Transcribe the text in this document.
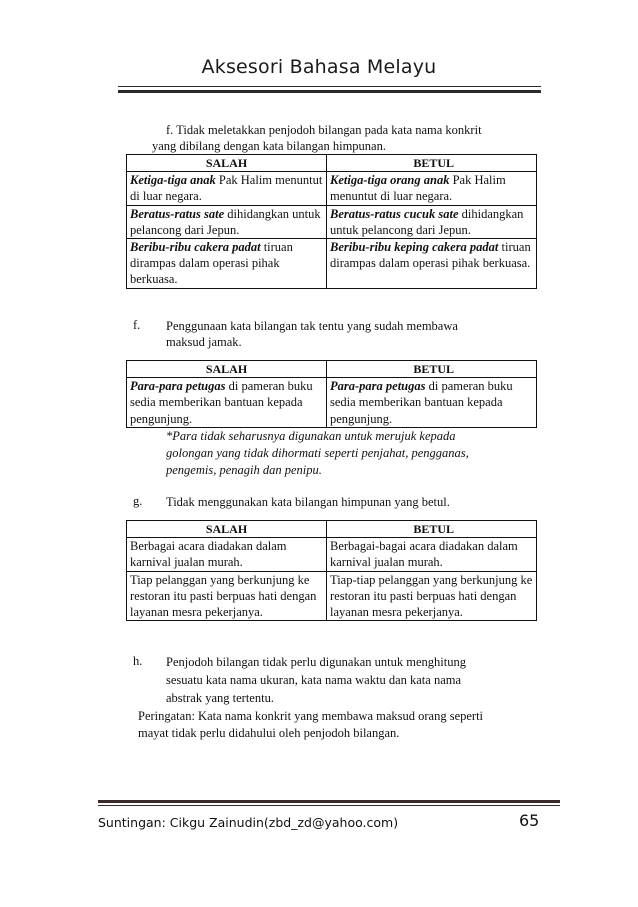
Aksesori Bahasa Melayu
f. Tidak meletakkan penjodoh bilangan pada kata nama konkrit
yang dibilang dengan kata bilangan himpunan.
SALAH	BETUL
Ketiga-tiga anak Pak Halim menuntut di luar negara.	Ketiga-tiga orang anak Pak Halim menuntut di luar negara.
Beratus-ratus sate dihidangkan untuk pelancong dari Jepun.	Beratus-ratus cucuk sate dihidangkan untuk pelancong dari Jepun.
Beribu-ribu cakera padat tiruan dirampas dalam operasi pihak berkuasa.	Beribu-ribu keping cakera padat tiruan dirampas dalam operasi pihak berkuasa.
f. Penggunaan kata bilangan tak tentu yang sudah membawa
maksud jamak.
SALAH	BETUL
Para-para petugas di pameran buku sedia memberikan bantuan kepada pengunjung.	Para-para petugas di pameran buku sedia memberikan bantuan kepada pengunjung.
*Para tidak seharusnya digunakan untuk merujuk kepada
golongan yang tidak dihormati seperti penjahat, pengganas,
pengemis, penagih dan penipu.
g. Tidak menggunakan kata bilangan himpunan yang betul.
SALAH	BETUL
Berbagai acara diadakan dalam karnival jualan murah.	Berbagai-bagai acara diadakan dalam karnival jualan murah.
Tiap pelanggan yang berkunjung ke restoran itu pasti berpuas hati dengan layanan mesra pekerjanya.	Tiap-tiap pelanggan yang berkunjung ke restoran itu pasti berpuas hati dengan layanan mesra pekerjanya.
h. Penjodoh bilangan tidak perlu digunakan untuk menghitung
sesuatu kata nama ukuran, kata nama waktu dan kata nama
abstrak yang tertentu.
Peringatan: Kata nama konkrit yang membawa maksud orang seperti
mayat tidak perlu didahului oleh penjodoh bilangan.
Suntingan: Cikgu Zainudin(zbd_zd@yahoo.com)	65
